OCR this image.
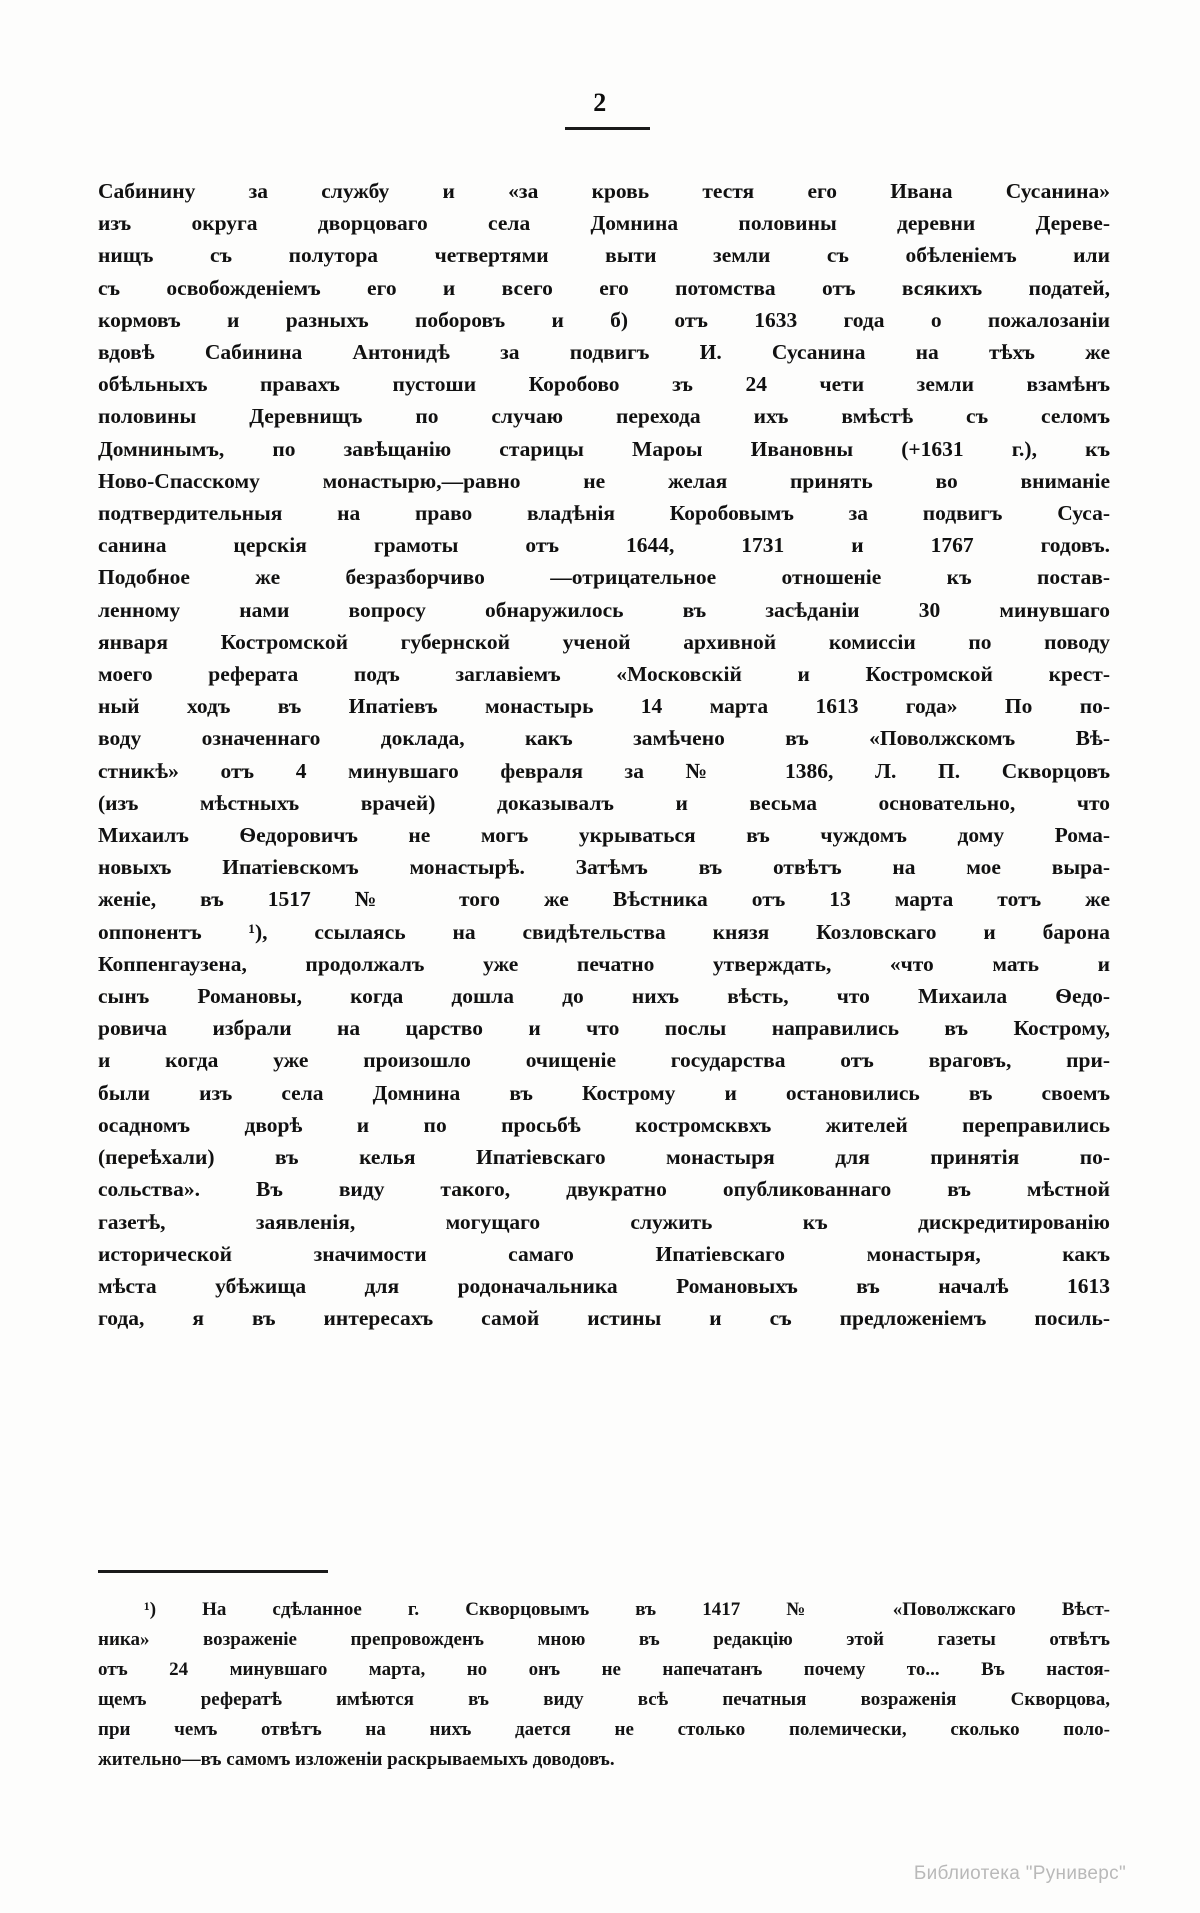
2
Сабинину за службу и «за кровь тестя его Ивана Сусанина»
изъ округа дворцоваго села Домнина половины деревни Дереве-
нищъ съ полутора четвертями выти земли съ обѣленіемъ или
съ освобожденіемъ его и всего его потомства отъ всякихъ податей,
кормовъ и разныхъ поборовъ и б) отъ 1633 года о пожалозаніи
вдовѣ Сабинина Антонидѣ за подвигъ И. Сусанина на тѣхъ же
обѣльныхъ правахъ пустоши Коробово зъ 24 чети земли взамѣнъ
половины Деревнищъ по случаю перехода ихъ вмѣстѣ съ селомъ
Домнинымъ, по завѣщанію старицы Мароы Ивановны (+1631 г.), къ
Ново-Спасскому монастырю,—равно не желая принять во вниманіе
подтвердительныя на право владѣнія Коробовымъ за подвигъ Суса-
санина церскія грамоты отъ 1644, 1731 и 1767 годовъ.
Подобное же безразборчиво —отрицательное отношеніе къ постав-
ленному нами вопросу обнаружилось въ засѣданіи 30 минувшаго
января Костромской губернской ученой архивной комиссіи по поводу
моего реферата подъ заглавіемъ «Московскій и Костромской крест-
ный ходъ въ Ипатіевъ монастырь 14 марта 1613 года» По по-
воду означеннаго доклада, какъ замѣчено въ «Поволжскомъ Вѣ-
стникѣ» отъ 4 минувшаго февраля за № 1386, Л. П. Скворцовъ
(изъ мѣстныхъ врачей) доказывалъ и весьма основательно, что
Михаилъ Ѳедоровичъ не могъ укрываться въ чуждомъ дому Рома-
новыхъ Ипатіевскомъ монастырѣ. Затѣмъ въ отвѣтъ на мое выра-
женіе, въ 1517 № того же Вѣстника отъ 13 марта тотъ же
оппонентъ ¹), ссылаясь на свидѣтельства князя Козловскаго и барона
Коппенгаузена, продолжалъ уже печатно утверждать, «что мать и
сынъ Романовы, когда дошла до нихъ вѣсть, что Михаила Ѳедо-
ровича избрали на царство и что послы направились въ Кострому,
и когда уже произошло очищеніе государства отъ враговъ, при-
были изъ села Домнина въ Кострому и остановились въ своемъ
осадномъ дворѣ и по просьбѣ костромсквхъ жителей переправились
(переѣхали) въ келья Ипатіевскаго монастыря для принятія по-
сольства». Въ виду такого, двукратно опубликованнаго въ мѣстной
газетѣ, заявленія, могущаго служить къ дискредитированію
исторической значимости самаго Ипатіевскаго монастыря, какъ
мѣста убѣжища для родоначальника Романовыхъ въ началѣ 1613
года, я въ интересахъ самой истины и съ предложеніемъ посиль-
¹) На сдѣланное г. Скворцовымъ въ 1417 № «Поволжскаго Вѣст-
ника» возраженіе препровожденъ мною въ редакцію этой газеты отвѣтъ
отъ 24 минувшаго марта, но онъ не напечатанъ почему то... Въ настоя-
щемъ рефератѣ имѣются въ виду всѣ печатныя возраженія Скворцова,
при чемъ отвѣтъ на нихъ дается не столько полемически, сколько поло-
жительно—въ самомъ изложеніи раскрываемыхъ доводовъ.
Библиотека "Руниверс"
